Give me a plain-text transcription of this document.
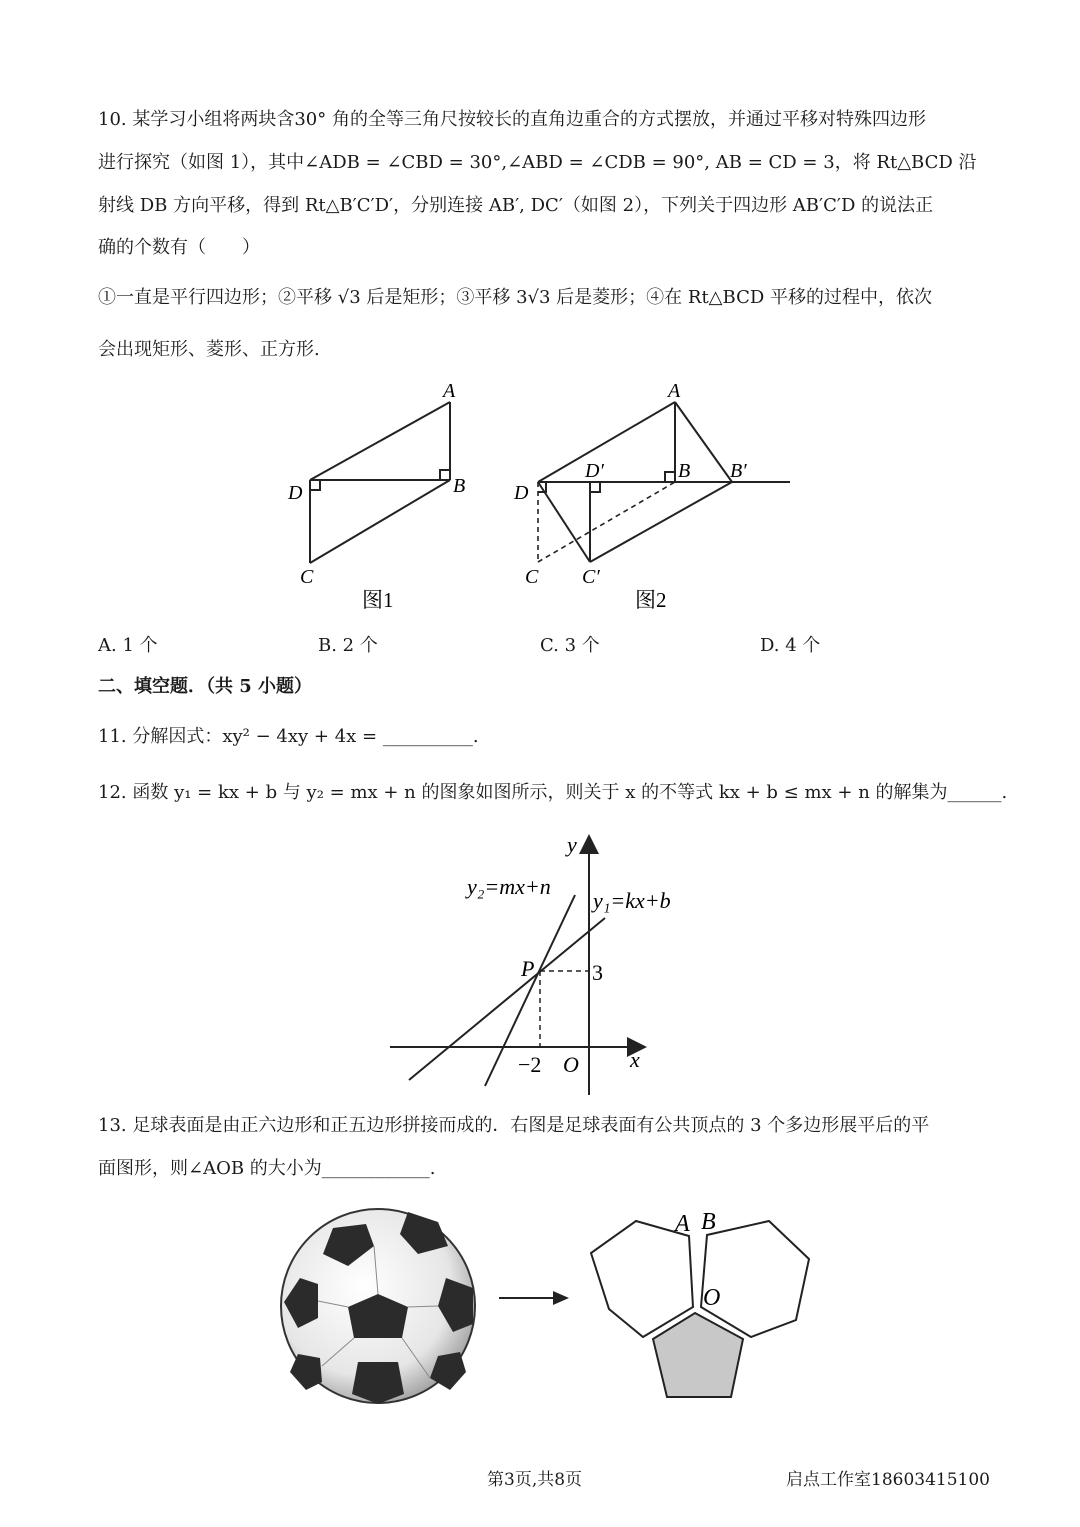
10. 某学习小组将两块含30° 角的全等三角尺按较长的直角边重合的方式摆放，并通过平移对特殊四边形
进行探究（如图 1），其中∠ADB = ∠CBD = 30°,∠ABD = ∠CDB = 90°, AB = CD = 3，将 Rt△BCD 沿
射线 DB 方向平移，得到 Rt△B′C′D′，分别连接 AB′, DC′（如图 2），下列关于四边形 AB′C′D 的说法正
确的个数有（　　）
①一直是平行四边形；②平移 √3 后是矩形；③平移 3√3 后是菱形；④在 Rt△BCD 平移的过程中，依次
会出现矩形、菱形、正方形.
A
B
D
C
图1
A
D′	B B′
D
C C′
图2
A. 1 个	B. 2 个	C. 3 个	D. 4 个
二、填空题．（共 5 小题）
11. 分解因式：xy² − 4xy + 4x = __________.
12. 函数 y₁ = kx + b 与 y₂ = mx + n 的图象如图所示，则关于 x 的不等式 kx + b ≤ mx + n 的解集为______.
y
x
O
y₂=mx+n
y₁=kx+b
P	3
−2
13. 足球表面是由正六边形和正五边形拼接而成的．右图是足球表面有公共顶点的 3 个多边形展平后的平
面图形，则∠AOB 的大小为____________.
A B
O
第3页,共8页	启点工作室18603415100
